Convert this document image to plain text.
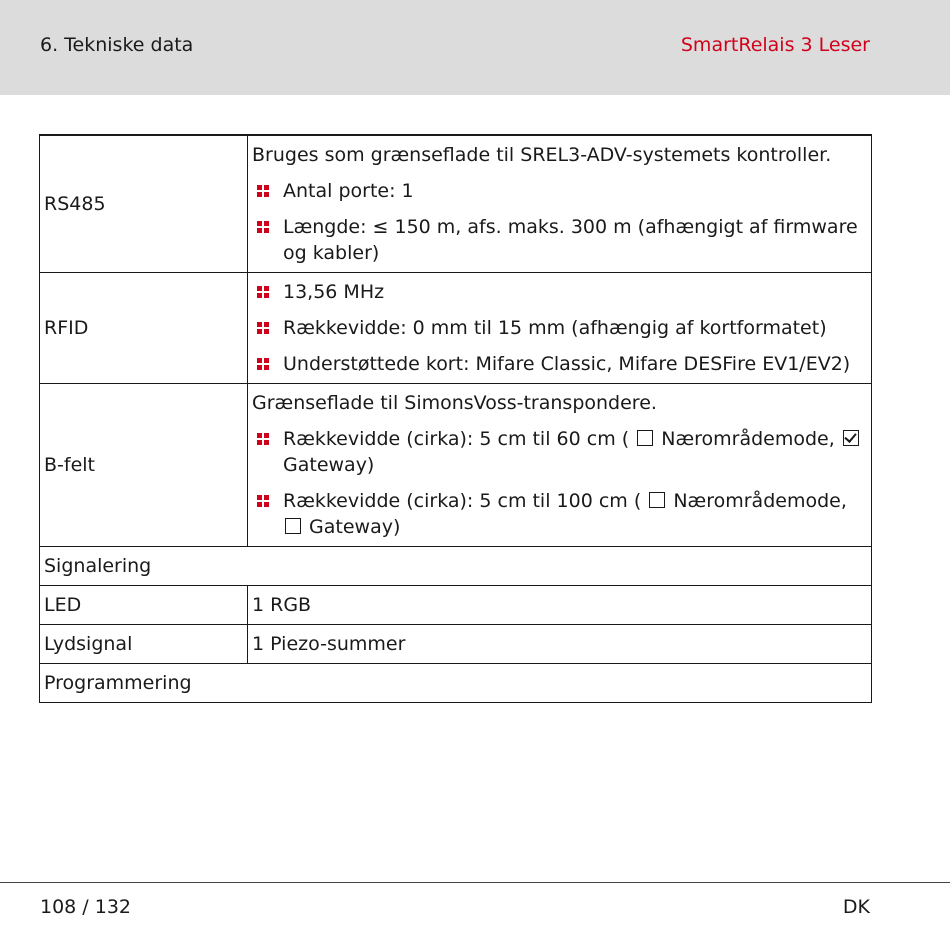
6. Tekniske data	SmartRelais 3 Leser
RS485	Bruges som grænseflade til SREL3-ADV-systemets kontroller.
Antal porte: 1
Længde: ≤ 150 m, afs. maks. 300 m (afhængigt af firmware og kabler)

RFID	13,56 MHz
Rækkevidde: 0 mm til 15 mm (afhængig af kortformatet)
Understøttede kort: Mifare Classic, Mifare DESFire EV1/EV2)

B-felt	Grænseflade til SimonsVoss-transpondere.
Rækkevidde (cirka): 5 cm til 60 cm ( Nærområdemode,  Gateway)
Rækkevidde (cirka): 5 cm til 100 cm ( Nærområdemode,  Gateway)

Signalering	
LED	1 RGB
Lydsignal	1 Piezo-summer
Programmering	
108 / 132	DK
